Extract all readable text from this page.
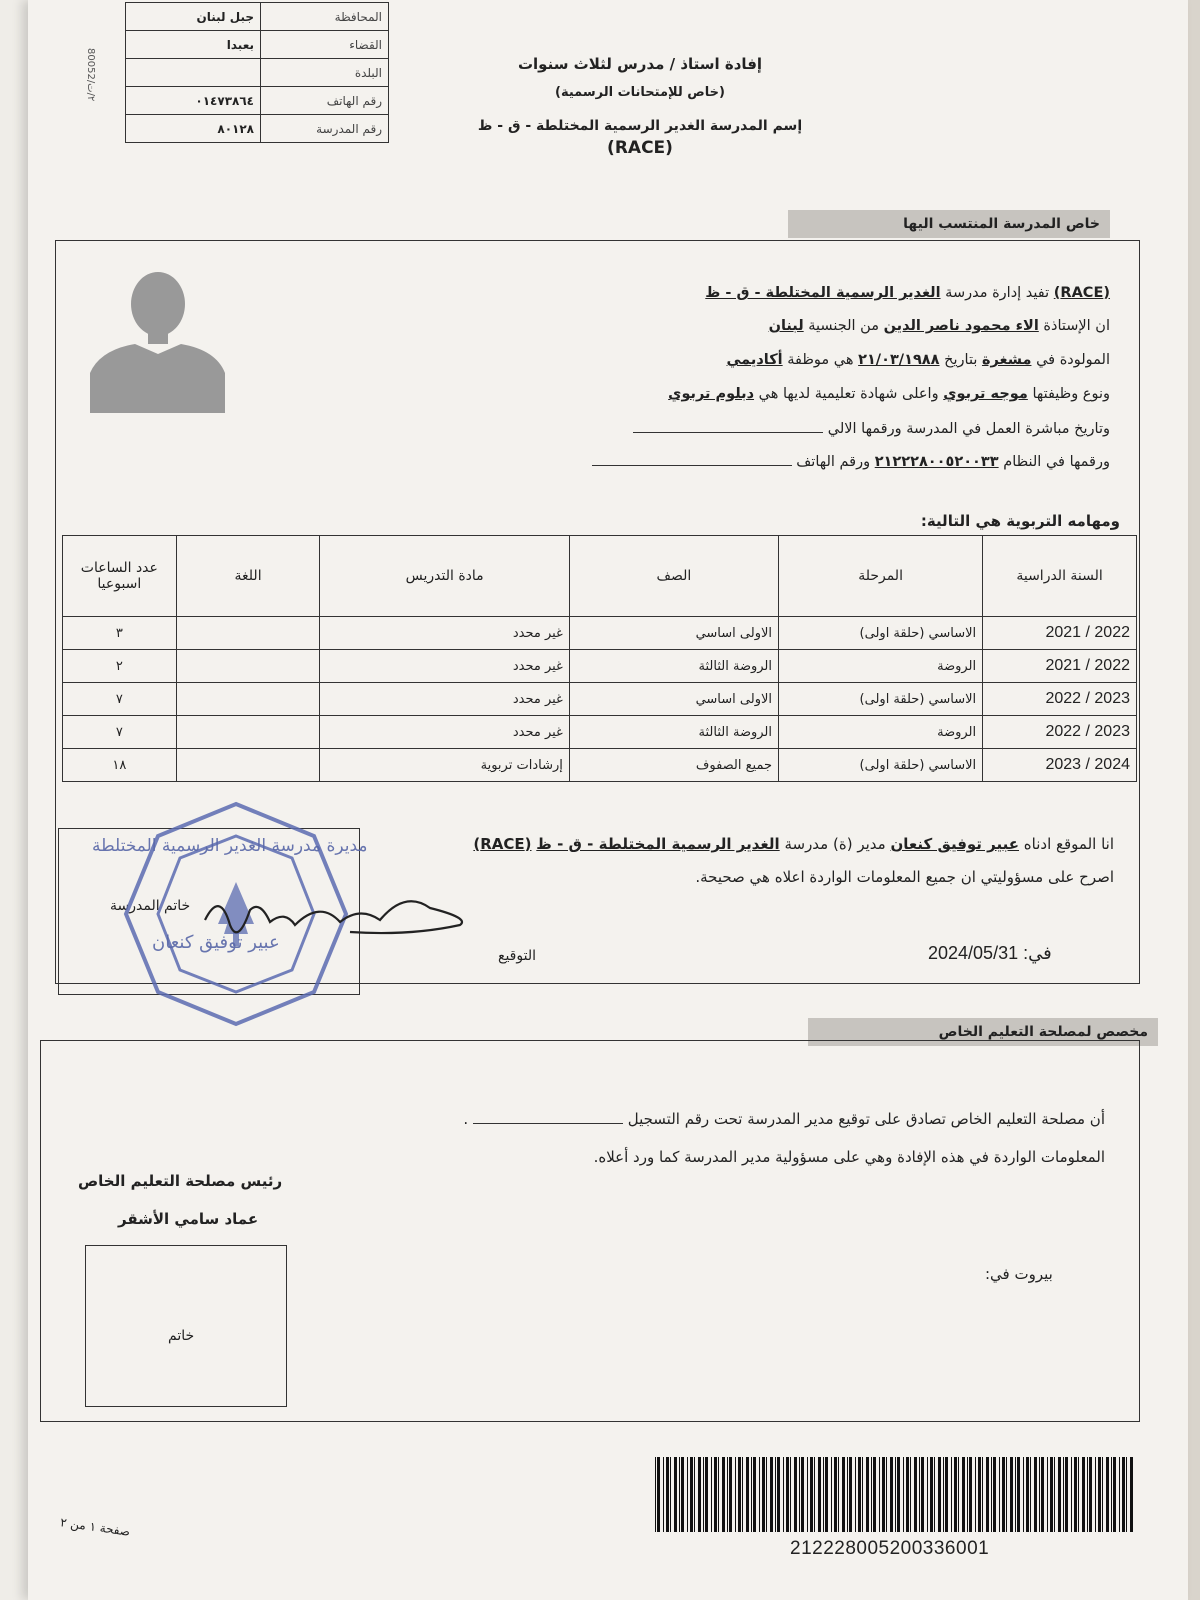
جبل لبنان	المحافظة
بعبدا	القضاء
	البلدة
٠١٤٧٣٨٦٤	رقم الهاتف
٨٠١٢٨	رقم المدرسة
٢/ت/80052
إفادة استاذ / مدرس لثلاث سنوات
(خاص للإمتحانات الرسمية)
إسم المدرسة الغدير الرسمية المختلطة - ق - ظ
(RACE)
خاص المدرسة المنتسب اليها
(RACE) تفيد إدارة مدرسة الغدير الرسمية المختلطة - ق - ظ
ان الإستاذة الاء محمود ناصر الدين من الجنسية لبنان
المولودة في مشغرة بتاريخ ٢١/٠٣/١٩٨٨ هي موظفة أكاديمي
ونوع وظيفتها موجه تربوي واعلى شهادة تعليمية لديها هي دبلوم تربوي
وتاريخ مباشرة العمل في المدرسة ورقمها الالي
ورقمها في النظام ٢١٢٢٢٨٠٠٥٢٠٠٣٣ ورقم الهاتف
ومهامه التربوية هي التالية:
السنة الدراسية	المرحلة	الصف	مادة التدريس	اللغة	عدد الساعات اسبوعيا
2022 / 2021	الاساسي (حلقة اولى)	الاولى اساسي	غير محدد		٣
2022 / 2021	الروضة	الروضة الثالثة	غير محدد		٢
2023 / 2022	الاساسي (حلقة اولى)	الاولى اساسي	غير محدد		٧
2023 / 2022	الروضة	الروضة الثالثة	غير محدد		٧
2024 / 2023	الاساسي (حلقة اولى)	جميع الصفوف	إرشادات تربوية		١٨
انا الموقع ادناه عبير توفيق كنعان مدير (ة) مدرسة الغدير الرسمية المختلطة - ق - ظ (RACE)
اصرح على مسؤوليتي ان جميع المعلومات الواردة اعلاه هي صحيحة.
في: 2024/05/31
التوقيع
خاتم المدرسة
مديرة مدرسة الغدير الرسمية المختلطة
عبير توفيق كنعان
مخصص لمصلحة التعليم الخاص
أن مصلحة التعليم الخاص تصادق على توقيع مدير المدرسة تحت رقم التسجيل  .
المعلومات الواردة في هذه الإفادة وهي على مسؤولية مدير المدرسة كما ورد أعلاه.
رئيس مصلحة التعليم الخاص
عماد سامي الأشقر
بيروت في:
خاتم
صفحة ١ من ٢
212228005200336001
